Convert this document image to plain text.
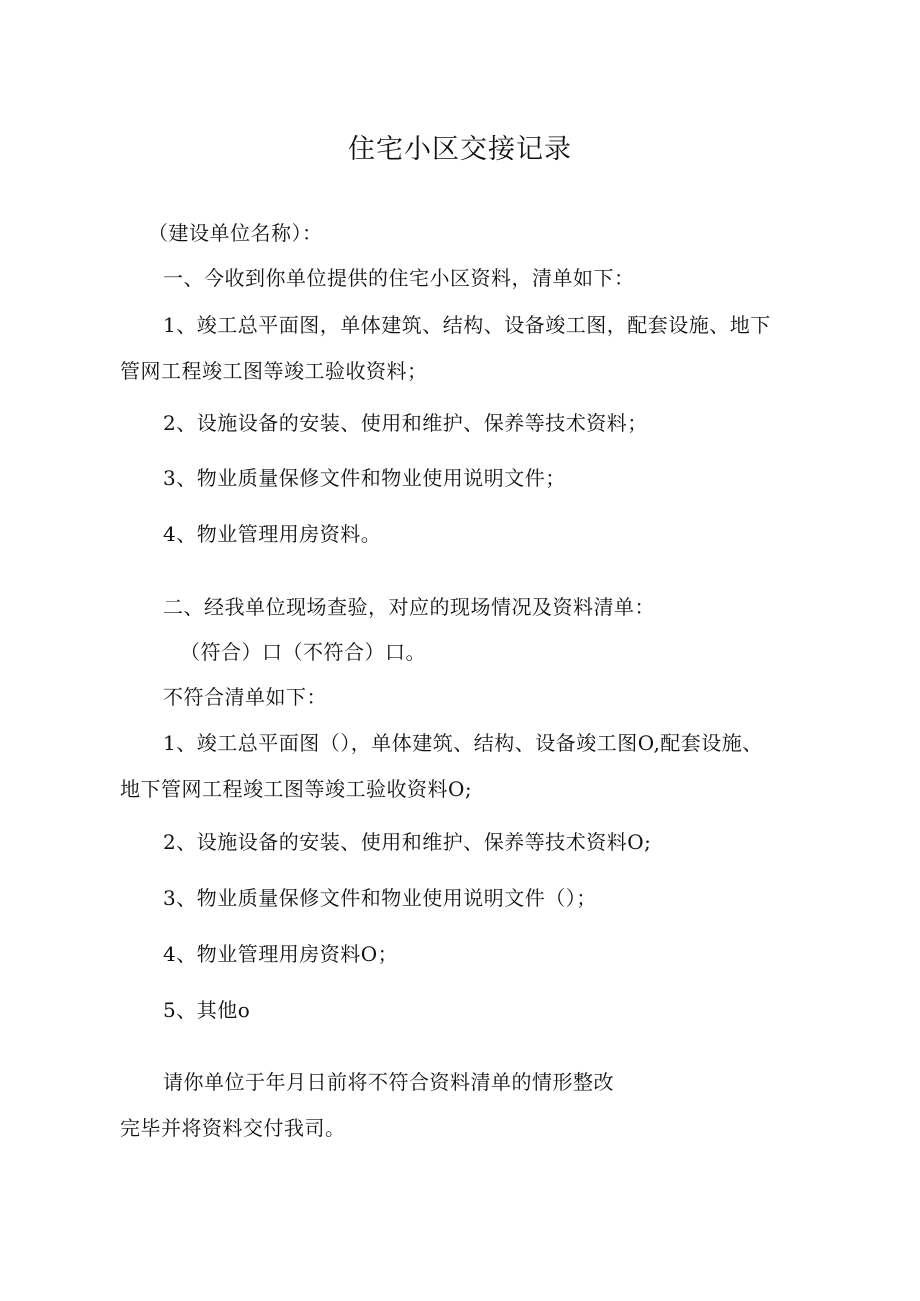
住宅小区交接记录
（建设单位名称）：
一、今收到你单位提供的住宅小区资料，清单如下：
1、竣工总平面图，单体建筑、结构、设备竣工图，配套设施、地下
管网工程竣工图等竣工验收资料；
2、设施设备的安装、使用和维护、保养等技术资料；
3、物业质量保修文件和物业使用说明文件；
4、物业管理用房资料。
二、经我单位现场查验，对应的现场情况及资料清单：
（符合）口（不符合）口。
不符合清单如下：
1、竣工总平面图（），单体建筑、结构、设备竣工图O,配套设施、
地下管网工程竣工图等竣工验收资料O;
2、设施设备的安装、使用和维护、保养等技术资料O;
3、物业质量保修文件和物业使用说明文件（）；
4、物业管理用房资料O；
5、其他o
请你单位于年月日前将不符合资料清单的情形整改
完毕并将资料交付我司。
